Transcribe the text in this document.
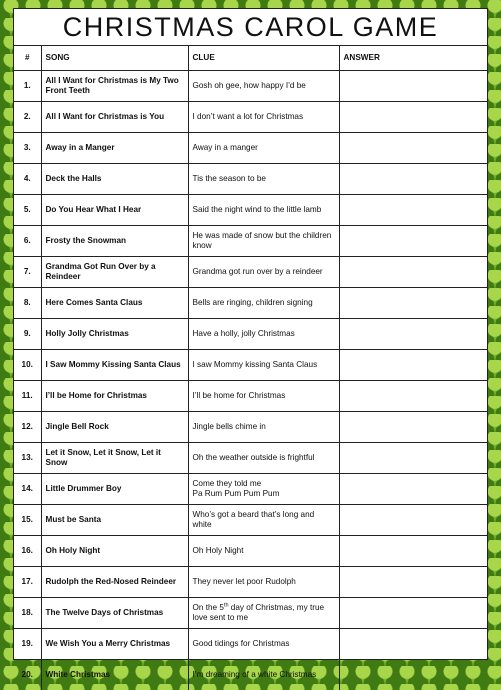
CHRISTMAS CAROL GAME
#	SONG	CLUE	ANSWER
1.	All I Want for Christmas is My Two Front Teeth	Gosh oh gee, how happy I’d be	
2.	All I Want for Christmas is You	I don’t want a lot for Christmas	
3.	Away in a Manger	Away in a manger	
4.	Deck the Halls	Tis the season to be	
5.	Do You Hear What I Hear	Said the night wind to the little lamb	
6.	Frosty the Snowman	He was made of snow but the children know	
7.	Grandma Got Run Over by a Reindeer	Grandma got run over by a reindeer	
8.	Here Comes Santa Claus	Bells are ringing, children signing	
9.	Holly Jolly Christmas	Have a holly, jolly Christmas	
10.	I Saw Mommy Kissing Santa Claus	I saw Mommy kissing Santa Claus	
11.	I’ll be Home for Christmas	I’ll be home for Christmas	
12.	Jingle Bell Rock	Jingle bells chime in	
13.	Let it Snow, Let it Snow, Let it Snow	Oh the weather outside is frightful	
14.	Little Drummer Boy	Come they told me
Pa Rum Pum Pum Pum	
15.	Must be Santa	Who’s got a beard that’s long and white	
16.	Oh Holy Night	Oh Holy Night	
17.	Rudolph the Red-Nosed Reindeer	They never let poor Rudolph	
18.	The Twelve Days of Christmas	On the 5th day of Christmas, my true love sent to me	
19.	We Wish You a Merry Christmas	Good tidings for Christmas	
20.	White Christmas	I’m dreaming of a white Christmas	
